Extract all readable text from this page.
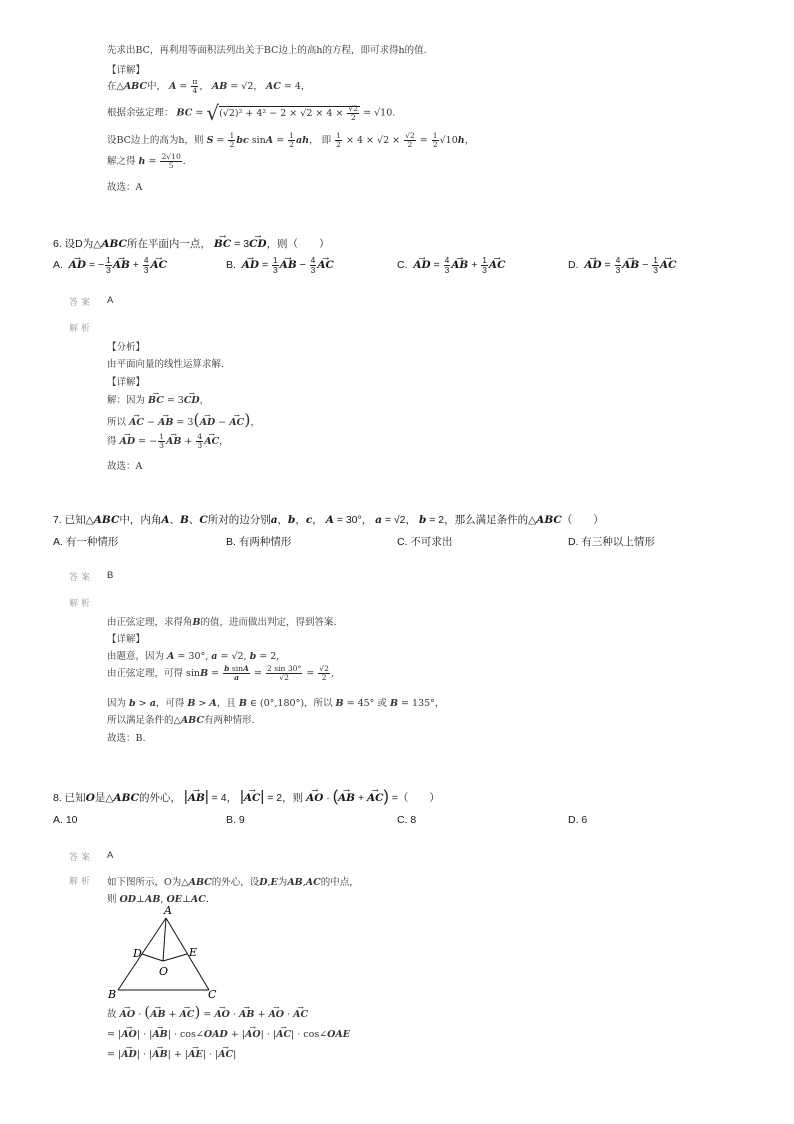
先求出BC，再利用等面积法列出关于BC边上的高h的方程，即可求得h的值.
【详解】
在△ABC中， $A = \frac{\pi}{4}$ ， AB = √2， AC = 4，
根据余弦定理： BC = $√(√2)^2 + 4^2 - 2 \times √2 \times 4 \times \frac{√2}{2} = √10$.
设BC边上的高为h，则 $S = \frac{1}{2}$ bc $\sin A = \frac{1}{2}$ ah， 即 $\frac{1}{2} \times 4 \times √2 \times \frac{√2}{2} = \frac{1}{2} √10h$，
解之得 $h = \frac{2√10}{5}$ .
故选：A
6. 设D为△ABC所在平面内一点， → BC = 3→ CD，则（　　）
A.  → AD = − $\frac{1}{3}$ → AB + $\frac{4}{3}$ → AC	B.  → AD = $\frac{1}{3}$ → AB − $\frac{4}{3}$ → AC	C.  → AD = $\frac{4}{3}$ → AB + $\frac{1}{3}$ → AC	D.  → AD = $\frac{4}{3}$ → AB − $\frac{1}{3}$ → AC
答案 A
解析
【分析】
由平面向量的线性运算求解.
【详解】
解：因为 → BC = 3→ CD，
所以 → AC − → AB = 3(→ AD − → AC)，
得 → AD = − $\frac{1}{3}$ → AB + $\frac{4}{3}$ → AC，
故选：A
7. 已知△ABC中，内角A、B、C所对的边分别a，b，c， A = 30°， a = √2， b = 2，那么满足条件的△ABC（　　）
A. 有一种情形	B. 有两种情形	C. 不可求出	D. 有三种以上情形
答案 B
解析
由正弦定理，求得角B的值，进而做出判定，得到答案.
【详解】
由题意，因为 A = 30°, a = √2, b = 2,
由正弦定理，可得 $\sin B = \frac{\text{b sinA}}{a} = \frac{2 \sin 30^\circ}{√2} = \frac{√2}{2}$ ,
因为 b > a，可得 B > A，且 B ∈ (0°,180°)，所以 B = 45° 或 B = 135°，
所以满足条件的△ABC有两种情形.
故选：B.
8. 已知O是△ABC的外心， |→ AB| = 4， |→ AC| = 2，则 → AO · (→ AB + → AC) =（　　）
A. 10	B. 9	C. 8	D. 6
答案 A
解析 如下图所示，O为△ABC的外心，设D,E为AB,AC的中点，
则 OD⊥AB, OE⊥AC.
A
B	C
D	E
O
故 → AO · (→ AB + → AC) = → AO · → AB + → AO · → AC
= |→ AO| · |→ AB| · cos∠OAD + |→ AO| · |→ AC| · cos∠OAE
= |→ AD| · |→ AB| + |→ AE| · |→ AC|
